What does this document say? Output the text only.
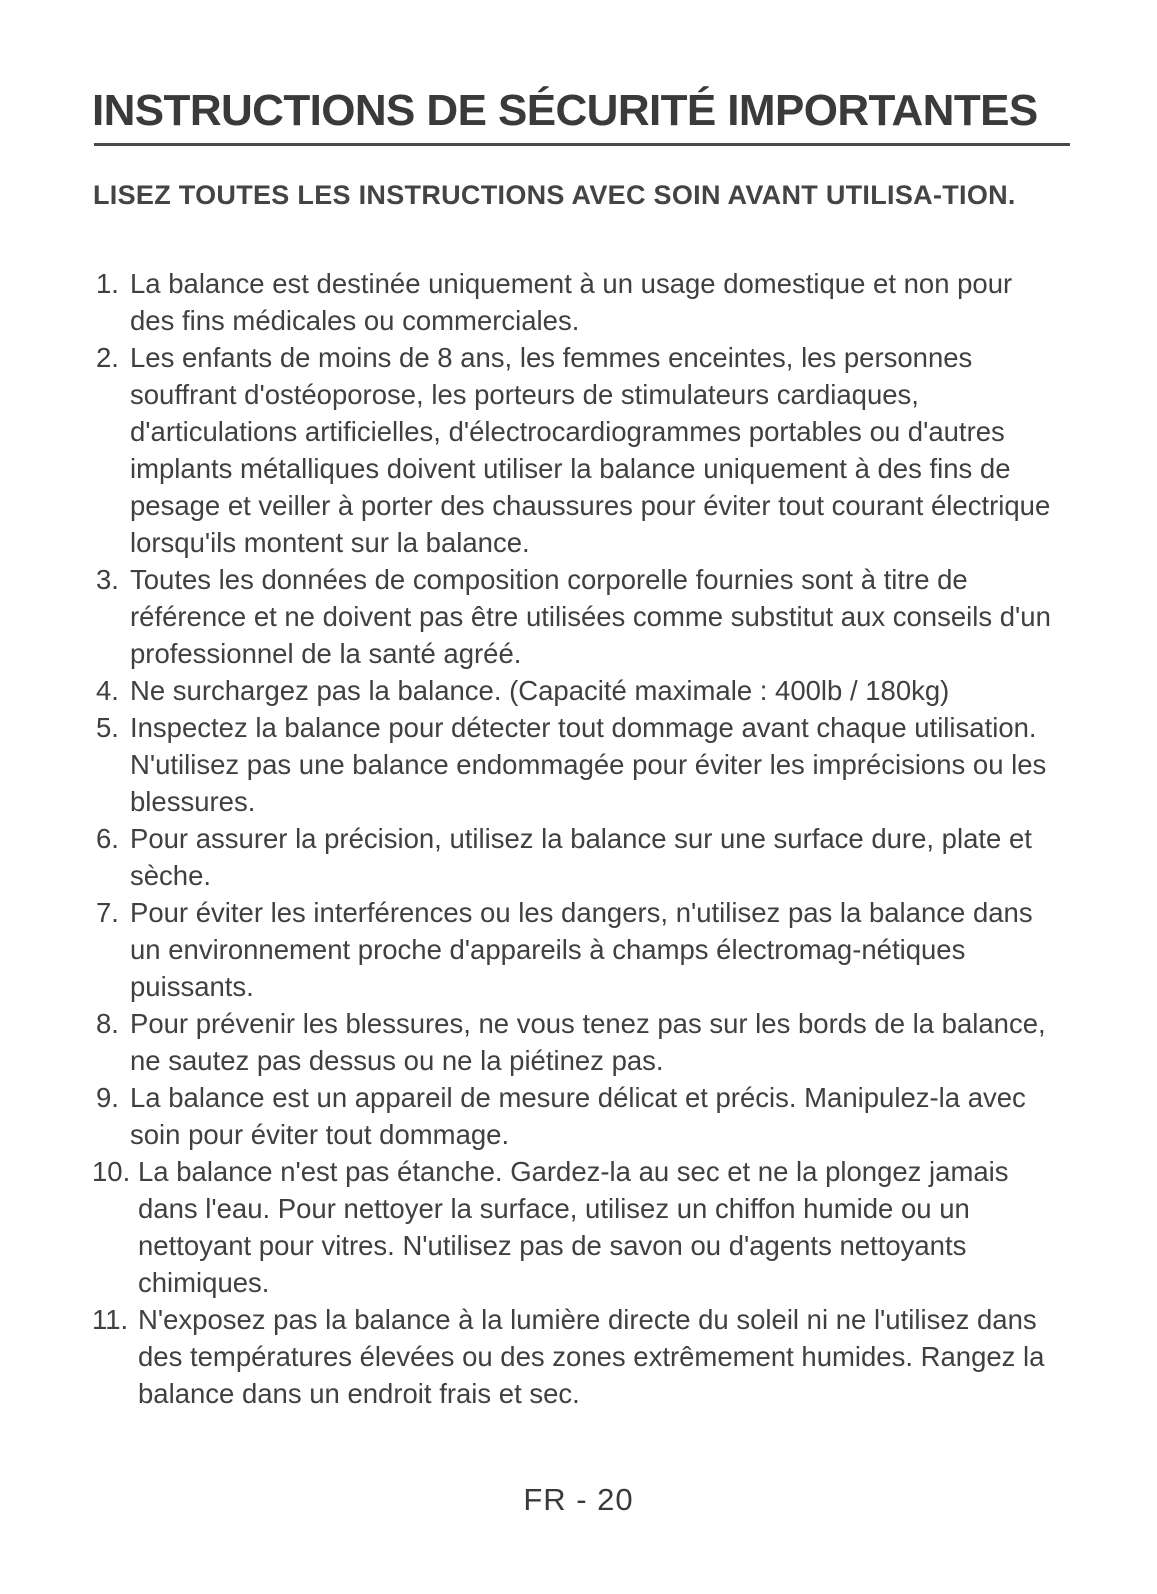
INSTRUCTIONS DE SÉCURITÉ IMPORTANTES

LISEZ TOUTES LES INSTRUCTIONS AVEC SOIN AVANT UTILISA-TION.

1. La balance est destinée uniquement à un usage domestique et non pour des fins médicales ou commerciales.
2. Les enfants de moins de 8 ans, les femmes enceintes, les personnes souffrant d'ostéoporose, les porteurs de stimulateurs cardiaques, d'articulations artificielles, d'électrocardiogrammes portables ou d'autres implants métalliques doivent utiliser la balance uniquement à des fins de pesage et veiller à porter des chaussures pour éviter tout courant électrique lorsqu'ils montent sur la balance.
3. Toutes les données de composition corporelle fournies sont à titre de référence et ne doivent pas être utilisées comme substitut aux conseils d'un professionnel de la santé agréé.
4. Ne surchargez pas la balance. (Capacité maximale : 400lb / 180kg)
5. Inspectez la balance pour détecter tout dommage avant chaque utilisation. N'utilisez pas une balance endommagée pour éviter les imprécisions ou les blessures.
6. Pour assurer la précision, utilisez la balance sur une surface dure, plate et sèche.
7. Pour éviter les interférences ou les dangers, n'utilisez pas la balance dans un environnement proche d'appareils à champs électromag-nétiques puissants.
8. Pour prévenir les blessures, ne vous tenez pas sur les bords de la balance, ne sautez pas dessus ou ne la piétinez pas.
9. La balance est un appareil de mesure délicat et précis. Manipulez-la avec soin pour éviter tout dommage.
10. La balance n'est pas étanche. Gardez-la au sec et ne la plongez jamais dans l'eau. Pour nettoyer la surface, utilisez un chiffon humide ou un nettoyant pour vitres. N'utilisez pas de savon ou d'agents nettoyants chimiques.
11. N'exposez pas la balance à la lumière directe du soleil ni ne l'utilisez dans des températures élevées ou des zones extrêmement humides. Rangez la balance dans un endroit frais et sec.
FR - 20
